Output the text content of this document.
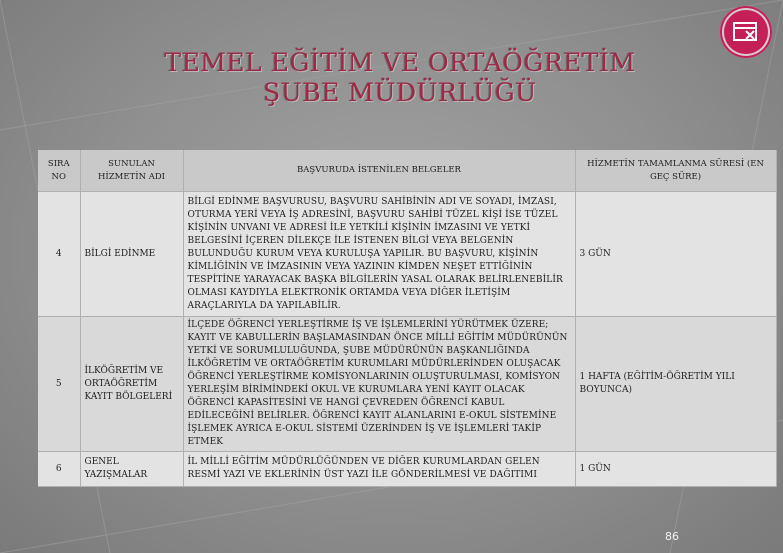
TEMEL EĞİTİM VE ORTAÖĞRETİM
ŞUBE MÜDÜRLÜĞÜ
SIRA NO	SUNULAN HİZMETİN ADI	BAŞVURUDA İSTENİLEN BELGELER	HİZMETİN TAMAMLANMA SÜRESİ (EN GEÇ SÜRE)
4	BİLGİ EDİNME	BİLGİ EDİNME BAŞVURUSU, BAŞVURU SAHİBİNİN ADI VE SOYADI, İMZASI, OTURMA YERİ VEYA İŞ ADRESİNİ, BAŞVURU SAHİBİ TÜZEL KİŞİ İSE TÜZEL KİŞİNİN UNVANI VE ADRESİ İLE YETKİLİ KİŞİNİN İMZASINI VE YETKİ BELGESİNİ İÇEREN DİLEKÇE İLE İSTENEN BİLGİ VEYA BELGENİN BULUNDUĞU KURUM VEYA KURULUŞA YAPILIR. BU BAŞVURU, KİŞİNİN KİMLİĞİNİN VE İMZASININ VEYA YAZININ KİMDEN NEŞET ETTİĞİNİN TESPİTİNE YARAYACAK BAŞKA BİLGİLERİN YASAL OLARAK BELİRLENEBİLİR OLMASI KAYDIYLA ELEKTRONİK ORTAMDA VEYA DİĞER İLETİŞİM ARAÇLARIYLA DA YAPILABİLİR.	3 GÜN
5	İLKÖĞRETİM VE ORTAÖĞRETİM KAYIT BÖLGELERİ	İLÇEDE ÖĞRENCİ YERLEŞTİRME İŞ VE İŞLEMLERİNİ YÜRÜTMEK ÜZERE; KAYIT VE KABULLERİN BAŞLAMASINDAN ÖNCE MİLLİ EĞİTİM MÜDÜRÜNÜN YETKİ VE SORUMLULUĞUNDA, ŞUBE MÜDÜRÜNÜN BAŞKANLIĞINDA İLKÖĞRETİM VE ORTAÖĞRETİM KURUMLARI MÜDÜRLERİNDEN OLUŞACAK ÖĞRENCİ YERLEŞTİRME KOMİSYONLARININ OLUŞTURULMASI, KOMİSYON YERLEŞİM BİRİMİNDEKİ OKUL VE KURUMLARA YENİ KAYIT OLACAK ÖĞRENCİ KAPASİTESİNİ VE HANGİ ÇEVREDEN ÖĞRENCİ KABUL EDİLECEĞİNİ BELİRLER. ÖĞRENCİ KAYIT ALANLARINI E-OKUL SİSTEMİNE İŞLEMEK AYRICA E-OKUL SİSTEMİ ÜZERİNDEN İŞ VE İŞLEMLERİ TAKİP ETMEK	1 HAFTA (EĞİTİM-ÖĞRETİM YILI BOYUNCA)
6	GENEL YAZIŞMALAR	İL MİLLİ EĞİTİM MÜDÜRLÜĞÜNDEN VE DİĞER KURUMLARDAN GELEN RESMİ YAZI VE EKLERİNİN ÜST YAZI İLE GÖNDERİLMESİ VE DAĞITIMI	1 GÜN
86
